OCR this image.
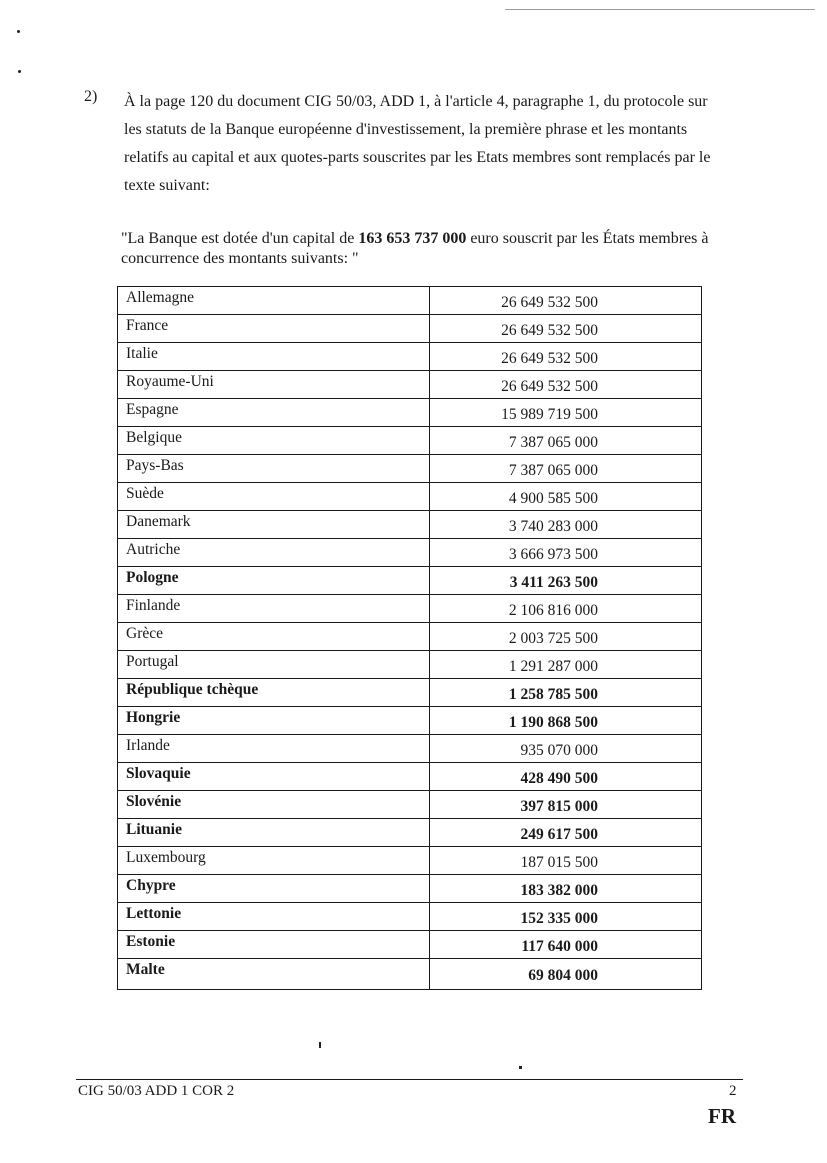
2) À la page 120 du document CIG 50/03, ADD 1, à l'article 4, paragraphe 1, du protocole sur
les statuts de la Banque européenne d'investissement, la première phrase et les montants
relatifs au capital et aux quotes-parts souscrites par les Etats membres sont remplacés par le
texte suivant:
"La Banque est dotée d'un capital de 163 653 737 000 euro souscrit par les États membres à concurrence des montants suivants: "
Allemagne	26 649 532 500
France	26 649 532 500
Italie	26 649 532 500
Royaume-Uni	26 649 532 500
Espagne	15 989 719 500
Belgique	7 387 065 000
Pays-Bas	7 387 065 000
Suède	4 900 585 500
Danemark	3 740 283 000
Autriche	3 666 973 500
Pologne	3 411 263 500
Finlande	2 106 816 000
Grèce	2 003 725 500
Portugal	1 291 287 000
République tchèque	1 258 785 500
Hongrie	1 190 868 500
Irlande	935 070 000
Slovaquie	428 490 500
Slovénie	397 815 000
Lituanie	249 617 500
Luxembourg	187 015 500
Chypre	183 382 000
Lettonie	152 335 000
Estonie	117 640 000
Malte	69 804 000
CIG 50/03 ADD 1 COR 2	2
FR
